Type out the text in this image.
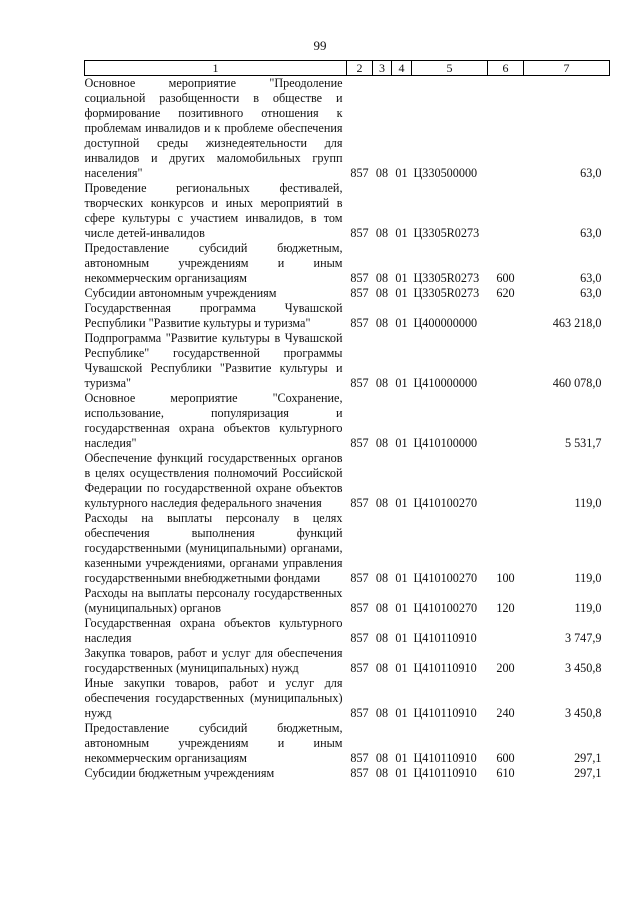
99
1	2	3	4	5	6	7
Основное мероприятие "Преодоление социальной разобщенности в обществе и формирование позитивного отношения к проблемам инвалидов и к проблеме обеспечения доступной среды жизнедеятельности для инвалидов и других маломобильных групп населения"	857	08	01	Ц330500000		63,0
Проведение региональных фестивалей, творческих конкурсов и иных мероприятий в сфере культуры с участием инвалидов, в том числе детей-инвалидов	857	08	01	Ц3305R0273		63,0
Предоставление субсидий бюджетным, автономным учреждениям и иным некоммерческим организациям	857	08	01	Ц3305R0273	600	63,0
Субсидии автономным учреждениям	857	08	01	Ц3305R0273	620	63,0
Государственная программа Чувашской Республики "Развитие культуры и туризма"	857	08	01	Ц400000000		463 218,0
Подпрограмма "Развитие культуры в Чувашской Республике" государственной программы Чувашской Республики "Развитие культуры и туризма"	857	08	01	Ц410000000		460 078,0
Основное мероприятие "Сохранение, использование, популяризация и государственная охрана объектов культурного наследия"	857	08	01	Ц410100000		5 531,7
Обеспечение функций государственных органов в целях осуществления полномочий Российской Федерации по государственной охране объектов культурного наследия федерального значения	857	08	01	Ц410100270		119,0
Расходы на выплаты персоналу в целях обеспечения выполнения функций государственными (муниципальными) органами, казенными учреждениями, органами управления государственными внебюджетными фондами	857	08	01	Ц410100270	100	119,0
Расходы на выплаты персоналу государственных (муниципальных) органов	857	08	01	Ц410100270	120	119,0
Государственная охрана объектов культурного наследия	857	08	01	Ц410110910		3 747,9
Закупка товаров, работ и услуг для обеспечения государственных (муниципальных) нужд	857	08	01	Ц410110910	200	3 450,8
Иные закупки товаров, работ и услуг для обеспечения государственных (муниципальных) нужд	857	08	01	Ц410110910	240	3 450,8
Предоставление субсидий бюджетным, автономным учреждениям и иным некоммерческим организациям	857	08	01	Ц410110910	600	297,1
Субсидии бюджетным учреждениям	857	08	01	Ц410110910	610	297,1
